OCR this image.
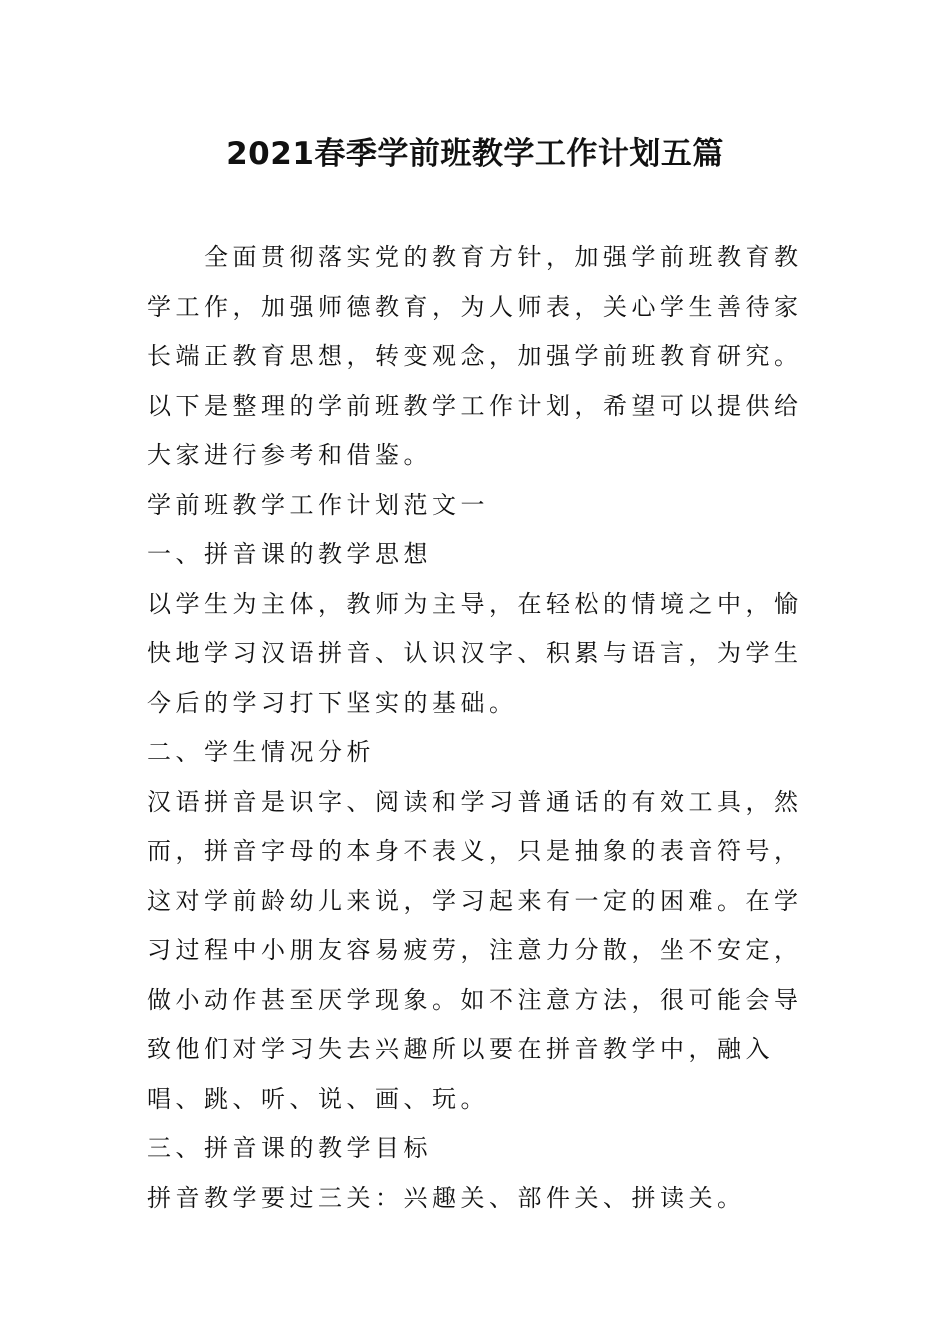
2021春季学前班教学工作计划五篇

全面贯彻落实党的教育方针，加强学前班教育教学工作，加强师德教育，为人师表，关心学生善待家长端正教育思想，转变观念，加强学前班教育研究。以下是整理的学前班教学工作计划，希望可以提供给大家进行参考和借鉴。

学前班教学工作计划范文一

一、拼音课的教学思想

以学生为主体，教师为主导，在轻松的情境之中，愉快地学习汉语拼音、认识汉字、积累与语言，为学生今后的学习打下坚实的基础。

二、学生情况分析

汉语拼音是识字、阅读和学习普通话的有效工具，然而，拼音字母的本身不表义，只是抽象的表音符号，这对学前龄幼儿来说，学习起来有一定的困难。在学习过程中小朋友容易疲劳，注意力分散，坐不安定，做小动作甚至厌学现象。如不注意方法，很可能会导致他们对学习失去兴趣所以要在拼音教学中，融入唱、跳、听、说、画、玩。

三、拼音课的教学目标

拼音教学要过三关：兴趣关、部件关、拼读关。
